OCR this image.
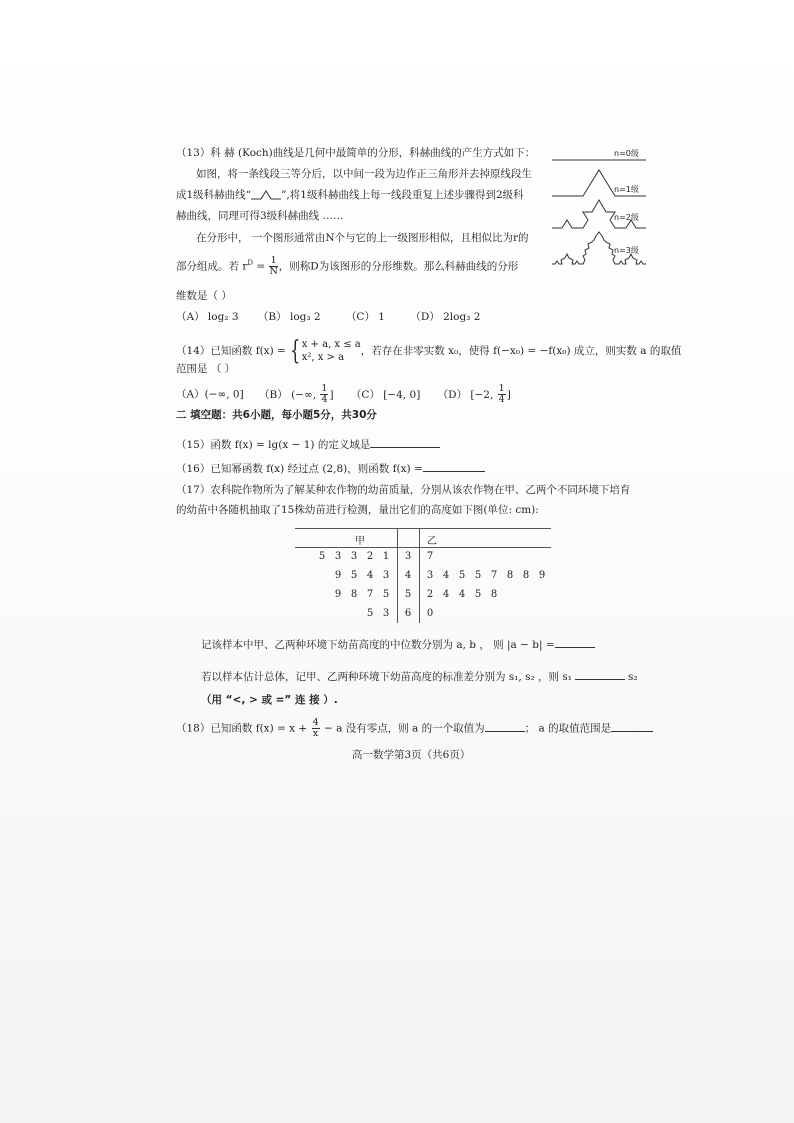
（13）科 赫 (Koch)曲线是几何中最简单的分形，科赫曲线的产生方式如下：
如图，将一条线段三等分后，以中间一段为边作正三角形并去掉原线段生
成1级科赫曲线“	”,将1级科赫曲线上每一线段重复上述步骤得到2级科
赫曲线，同理可得3级科赫曲线 ……
在分形中， 一个图形通常由N个与它的上一级图形相似，且相似比为r的
部分组成。若 $r^D = \frac{1}{N}$ ，则称D为该图形的分形维数。那么科赫曲线的分形
维数是（ ）
（A） log₂ 3 （B） log₃ 2 （C） 1 （D） 2log₃ 2
n=0级
n=1级
n=2级
n=3级
（14）已知函数 f(x) = { x + a, x ≤ a
x², x > a
，若存在非零实数 x₀，使得 f(−x₀) = −f(x₀) 成立，则实数 a 的取值
范围是 （ ）
（A）(−∞, 0] （B） (−∞, $\frac{1}{4}$ ] （C） [−4, 0] （D） [−2, $\frac{1}{4}$ ]
二 填空题：共6小题，每小题5分，共30分
（15）函数 f(x) = lg(x − 1) 的定义域是
（16）已知幂函数 f(x) 经过点 (2,8)，则函数 f(x) =
（17）农科院作物所为了解某种农作物的幼苗质量，分别从该农作物在甲、乙两个不同环境下培育
的幼苗中各随机抽取了15株幼苗进行检测，量出它们的高度如下图(单位: cm):
甲	乙
5 3 3 2 1	3	7
9 5 4 3	4	3 4 5 5 7 8 8 9
9 8 7 5	5	2 4 4 5 8
5 3	6	0
记该样本中甲、乙两种环境下幼苗高度的中位数分别为 a, b ， 则 |a − b| =
若以样本估计总体，记甲、乙两种环境下幼苗高度的标准差分别为 s₁, s₂ ，则 s₁	s₂
（用 “<, > 或 =” 连 接 ）.
（18）已知函数 $f(x) = x + \frac{4}{x} - a$ 没有零点，则 a 的一个取值为	； a 的取值范围是
高一数学第3页（共6页）
